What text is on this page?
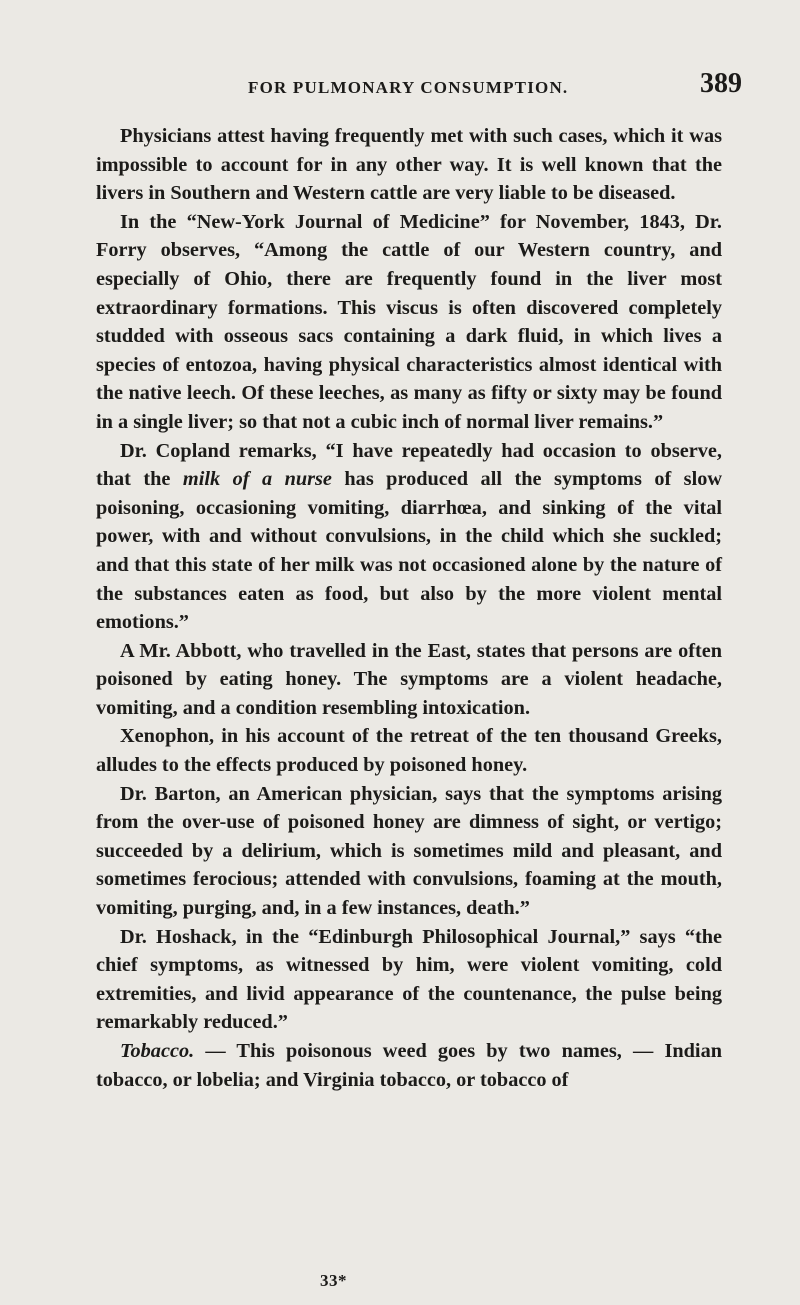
FOR PULMONARY CONSUMPTION.	389

Physicians attest having frequently met with such cases, which it was impossible to account for in any other way. It is well known that the livers in Southern and Western cattle are very liable to be diseased.

In the “New-York Journal of Medicine” for November, 1843, Dr. Forry observes, “Among the cattle of our Western country, and especially of Ohio, there are frequently found in the liver most extraordinary formations. This viscus is often discovered completely studded with osseous sacs containing a dark fluid, in which lives a species of entozoa, having physical characteristics almost identical with the native leech. Of these leeches, as many as fifty or sixty may be found in a single liver; so that not a cubic inch of normal liver remains.”

Dr. Copland remarks, “I have repeatedly had occasion to observe, that the milk of a nurse has produced all the symptoms of slow poisoning, occasioning vomiting, diarrhœa, and sinking of the vital power, with and without convulsions, in the child which she suckled; and that this state of her milk was not occasioned alone by the nature of the substances eaten as food, but also by the more violent mental emotions.”

A Mr. Abbott, who travelled in the East, states that persons are often poisoned by eating honey. The symptoms are a violent headache, vomiting, and a condition resembling intoxication.

Xenophon, in his account of the retreat of the ten thousand Greeks, alludes to the effects produced by poisoned honey.

Dr. Barton, an American physician, says that the symptoms arising from the over-use of poisoned honey are dimness of sight, or vertigo; succeeded by a delirium, which is sometimes mild and pleasant, and sometimes ferocious; attended with convulsions, foaming at the mouth, vomiting, purging, and, in a few instances, death.”

Dr. Hoshack, in the “Edinburgh Philosophical Journal,” says “the chief symptoms, as witnessed by him, were violent vomiting, cold extremities, and livid appearance of the countenance, the pulse being remarkably reduced.”

Tobacco. — This poisonous weed goes by two names, — Indian tobacco, or lobelia; and Virginia tobacco, or tobacco of

33*
